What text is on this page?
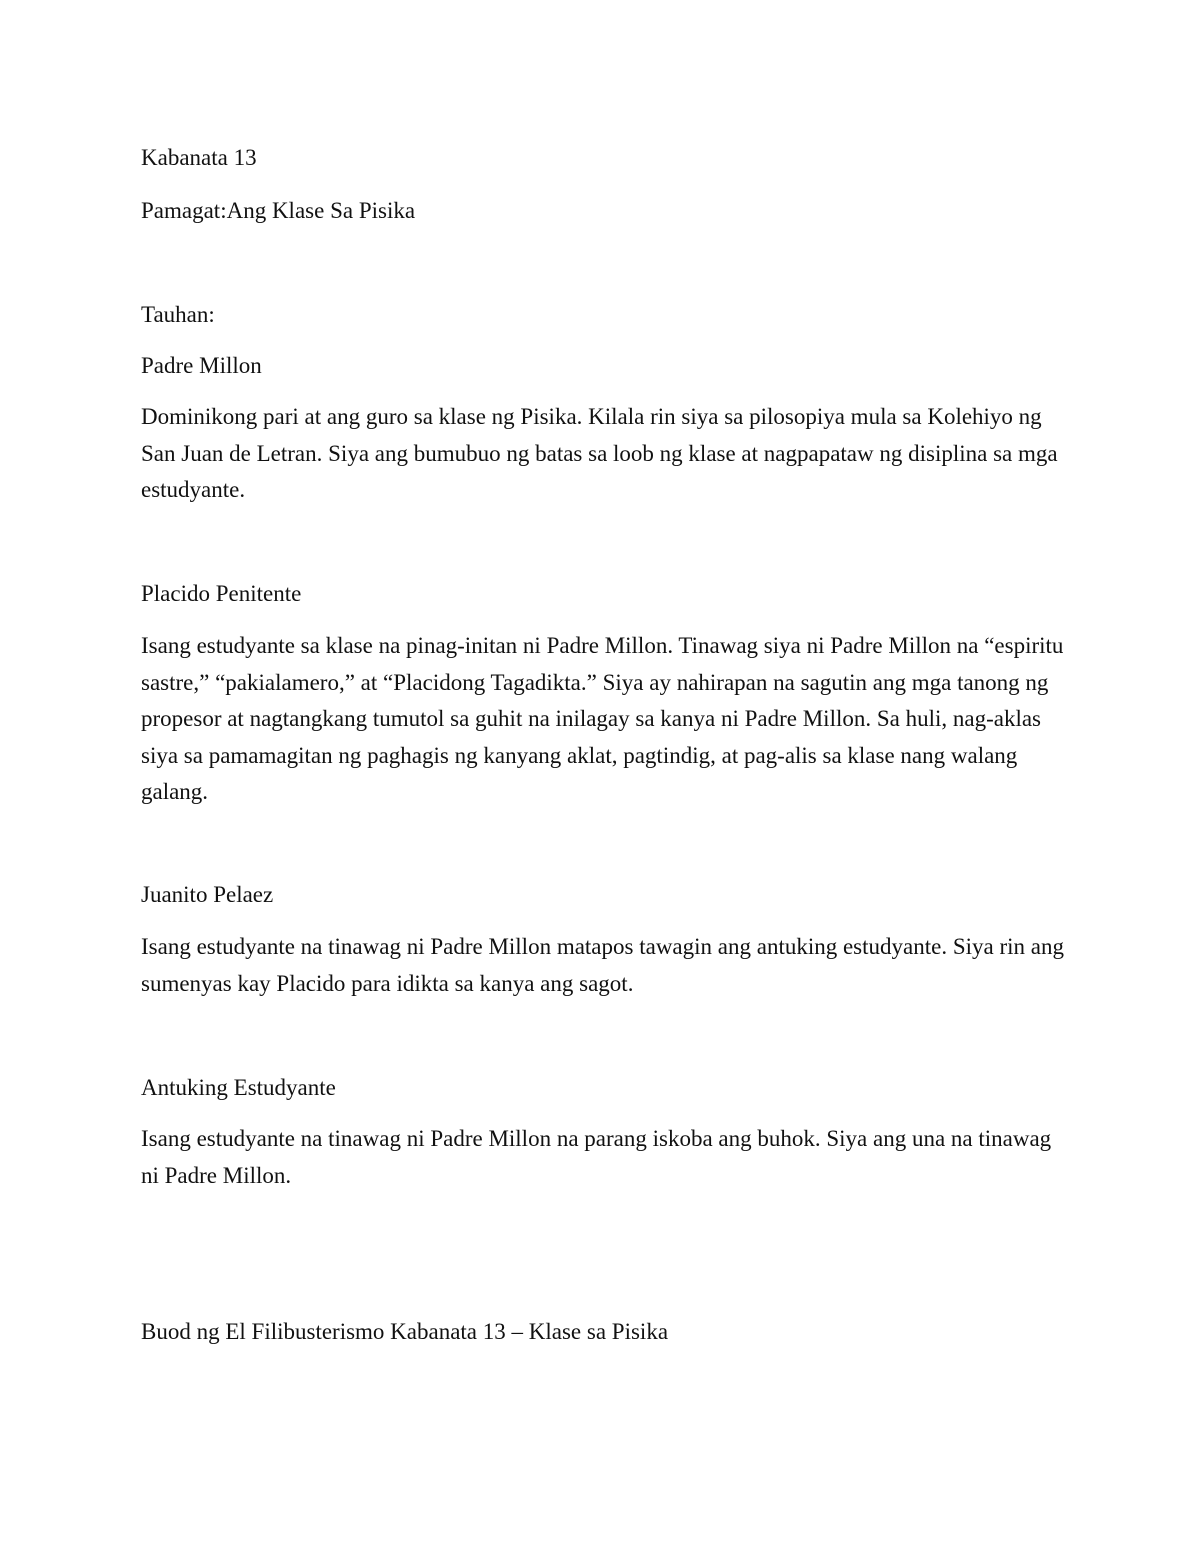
Kabanata 13

Pamagat:Ang Klase Sa Pisika

Tauhan:

Padre Millon

Dominikong pari at ang guro sa klase ng Pisika. Kilala rin siya sa pilosopiya mula sa Kolehiyo ng San Juan de Letran. Siya ang bumubuo ng batas sa loob ng klase at nagpapataw ng disiplina sa mga estudyante.

Placido Penitente

Isang estudyante sa klase na pinag-initan ni Padre Millon. Tinawag siya ni Padre Millon na “espiritu sastre,” “pakialamero,” at “Placidong Tagadikta.” Siya ay nahirapan na sagutin ang mga tanong ng propesor at nagtangkang tumutol sa guhit na inilagay sa kanya ni Padre Millon. Sa huli, nag-aklas siya sa pamamagitan ng paghagis ng kanyang aklat, pagtindig, at pag-alis sa klase nang walang galang.

Juanito Pelaez

Isang estudyante na tinawag ni Padre Millon matapos tawagin ang antuking estudyante. Siya rin ang sumenyas kay Placido para idikta sa kanya ang sagot.

Antuking Estudyante

Isang estudyante na tinawag ni Padre Millon na parang iskoba ang buhok. Siya ang una na tinawag ni Padre Millon.

Buod ng El Filibusterismo Kabanata 13 – Klase sa Pisika
